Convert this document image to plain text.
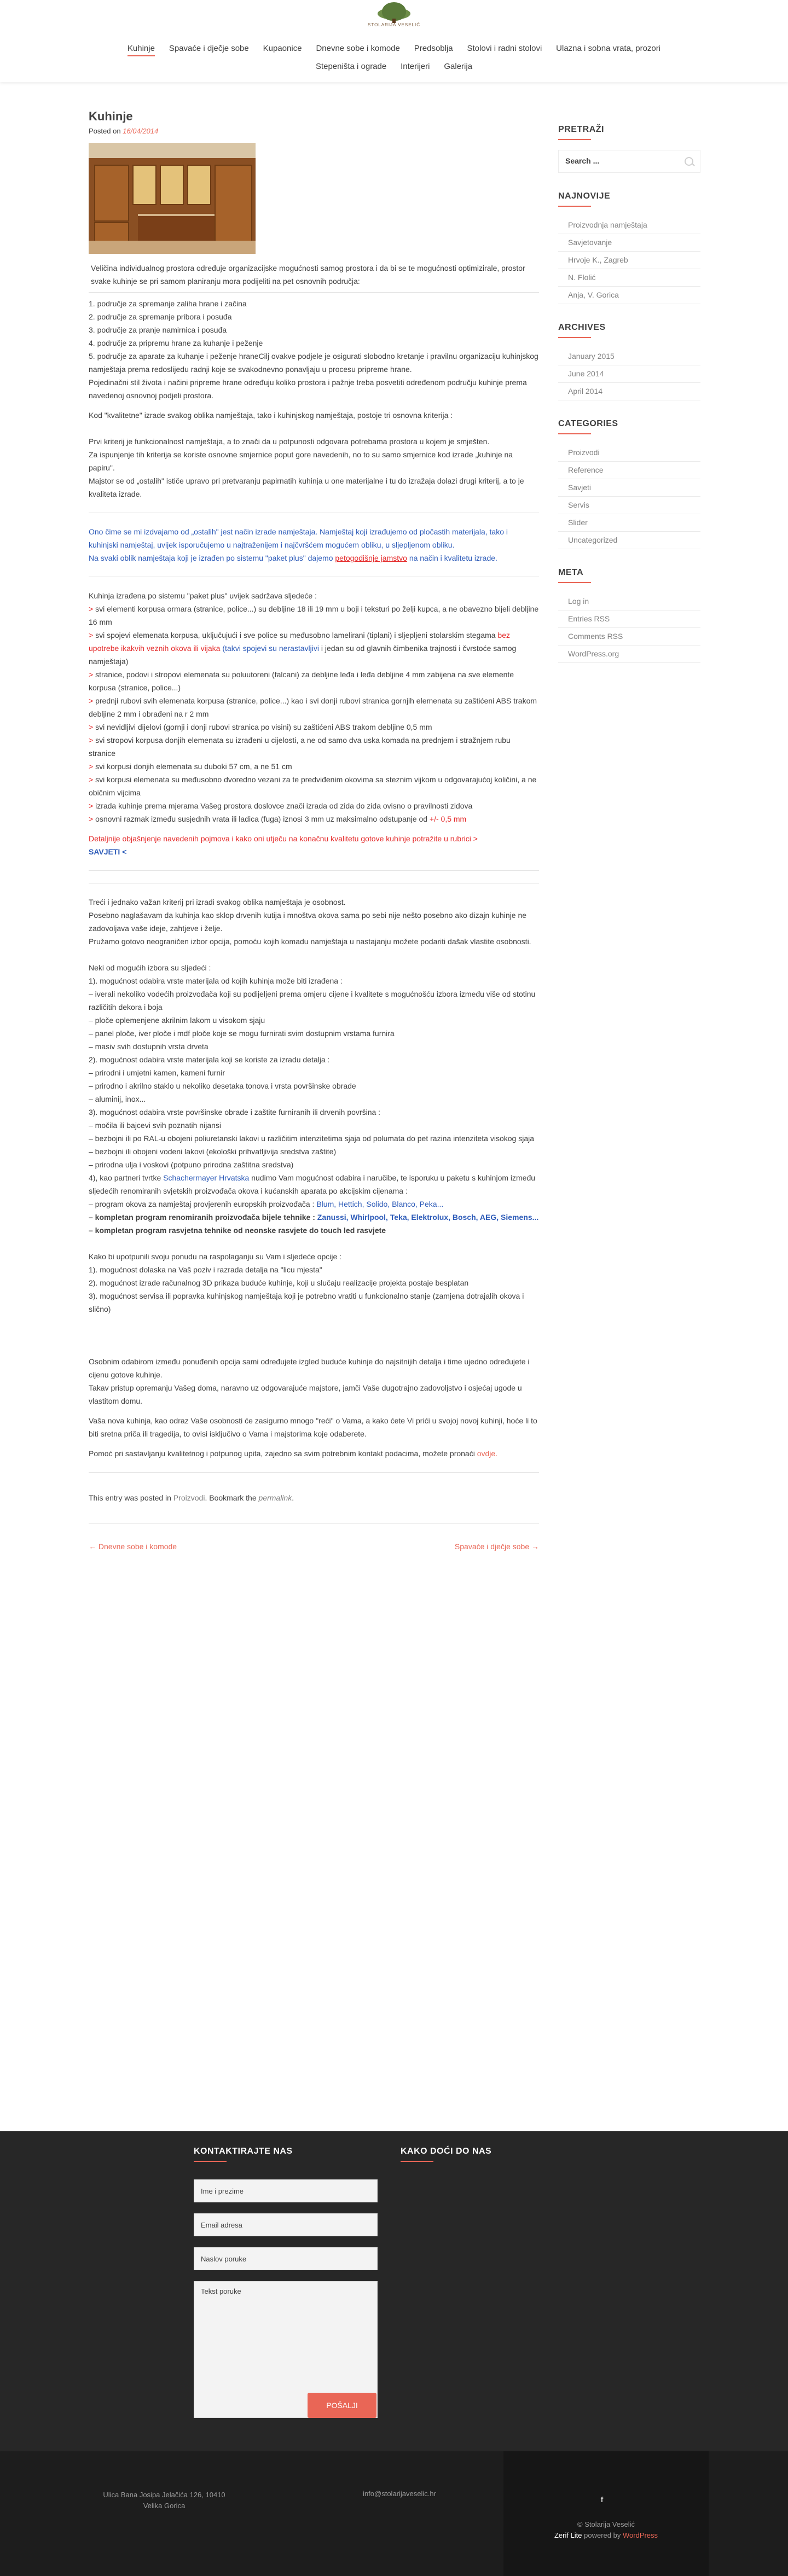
STOLARIJA VESELIĆ
Kuhinje Spavaće i dječje sobe Kupaonice Dnevne sobe i komode Predsoblja Stolovi i radni stolovi Ulazna i sobna vrata, prozori
Stepeništa i ograde Interijeri Galerija
Kuhinje
Posted on 16/04/2014

Veličina individualnog prostora određuje organizacijske mogućnosti samog prostora i da bi se te mogućnosti optimizirale, prostor svake kuhinje se pri samom planiranju mora podijeliti na pet osnovnih područja:

1. područje za spremanje zaliha hrane i začina

2. područje za spremanje pribora i posuđa

3. područje za pranje namirnica i posuđa

4. područje za pripremu hrane za kuhanje i peženje

5. područje za aparate za kuhanje i peženje hraneCilj ovakve podjele je osigurati slobodno kretanje i pravilnu organizaciju kuhinjskog namještaja prema redoslijedu radnji koje se svakodnevno ponavljaju u procesu pripreme hrane.

Pojedinačni stil života i načini pripreme hrane određuju koliko prostora i pažnje treba posvetiti određenom području kuhinje prema navedenoj osnovnoj podjeli prostora.

Kod "kvalitetne" izrade svakog oblika namještaja, tako i kuhinjskog namještaja, postoje tri osnovna kriterija :

Prvi kriterij je funkcionalnost namještaja, a to znači da u potpunosti odgovara potrebama prostora u kojem je smješten.

Za ispunjenje tih kriterija se koriste osnovne smjernice poput gore navedenih, no to su samo smjernice kod izrade „kuhinje na papiru".

Majstor se od „ostalih" ističe upravo pri pretvaranju papirnatih kuhinja u one materijalne i tu do izražaja dolazi drugi kriterij, a to je kvaliteta izrade.

Ono čime se mi izdvajamo od „ostalih" jest način izrade namještaja. Namještaj koji izrađujemo od pločastih materijala, tako i kuhinjski namještaj, uvijek isporučujemo u najtraženijem i najčvršćem mogućem obliku, u sljepljenom obliku.

Na svaki oblik namještaja koji je izrađen po sistemu "paket plus" dajemo petogodišnje jamstvo na način i kvalitetu izrade.

Kuhinja izrađena po sistemu "paket plus" uvijek sadržava sljedeće :

> svi elementi korpusa ormara (stranice, police...) su debljine 18 ili 19 mm u boji i teksturi po želji kupca, a ne obavezno bijeli debljine 16 mm

> svi spojevi elemenata korpusa, uključujući i sve police su međusobno lamelirani (tiplani) i sljepljeni stolarskim stegama bez upotrebe ikakvih veznih okova ili vijaka (takvi spojevi su nerastavljivi i jedan su od glavnih čimbenika trajnosti i čvrstoće samog namještaja)

> stranice, podovi i stropovi elemenata su poluutoreni (falcani) za debljine leđa i leđa debljine 4 mm zabijena na sve elemente korpusa (stranice, police...)

> prednji rubovi svih elemenata korpusa (stranice, police...) kao i svi donji rubovi stranica gornjih elemenata su zaštićeni ABS trakom debljine 2 mm i obrađeni na r 2 mm

> svi nevidljivi dijelovi (gornji i donji rubovi stranica po visini) su zaštićeni ABS trakom debljine 0,5 mm

> svi stropovi korpusa donjih elemenata su izrađeni u cijelosti, a ne od samo dva uska komada na prednjem i stražnjem rubu stranice

> svi korpusi donjih elemenata su duboki 57 cm, a ne 51 cm

> svi korpusi elemenata su međusobno dvoredno vezani za te predviđenim okovima sa steznim vijkom u odgovarajućoj količini, a ne običnim vijcima

> izrada kuhinje prema mjerama Vašeg prostora doslovce znači izrada od zida do zida ovisno o pravilnosti zidova

> osnovni razmak između susjednih vrata ili ladica (fuga) iznosi 3 mm uz maksimalno odstupanje od +/- 0,5 mm

Detaljnije objašnjenje navedenih pojmova i kako oni utječu na konačnu kvalitetu gotove kuhinje potražite u rubrici >

SAVJETI <

Treći i jednako važan kriterij pri izradi svakog oblika namještaja je osobnost.

Posebno naglašavam da kuhinja kao sklop drvenih kutija i mnoštva okova sama po sebi nije nešto posebno ako dizajn kuhinje ne zadovoljava vaše ideje, zahtjeve i želje.

Pružamo gotovo neograničen izbor opcija, pomoću kojih komadu namještaja u nastajanju možete podariti dašak vlastite osobnosti.

Neki od mogućih izbora su sljedeći :

1). mogućnost odabira vrste materijala od kojih kuhinja može biti izrađena :

– iverali nekoliko vodećih proizvođača koji su podijeljeni prema omjeru cijene i kvalitete s mogućnošću izbora između više od stotinu različitih dekora i boja

– ploče oplemenjene akrilnim lakom u visokom sjaju

– panel ploče, iver ploče i mdf ploče koje se mogu furnirati svim dostupnim vrstama furnira

– masiv svih dostupnih vrsta drveta

2). mogućnost odabira vrste materijala koji se koriste za izradu detalja :

– prirodni i umjetni kamen, kameni furnir

– prirodno i akrilno staklo u nekoliko desetaka tonova i vrsta površinske obrade

– aluminij, inox...

3). mogućnost odabira vrste površinske obrade i zaštite furniranih ili drvenih površina :

– močila ili bajcevi svih poznatih nijansi

– bezbojni ili po RAL-u obojeni poliuretanski lakovi u različitim intenzitetima sjaja od polumata do pet razina intenziteta visokog sjaja

– bezbojni ili obojeni vodeni lakovi (ekološki prihvatljivija sredstva zaštite)

– prirodna ulja i voskovi (potpuno prirodna zaštitna sredstva)

4), kao partneri tvrtke Schachermayer Hrvatska nudimo Vam mogućnost odabira i naručibe, te isporuku u paketu s kuhinjom između sljedećih renomiranih svjetskih proizvođača okova i kućanskih aparata po akcijskim cijenama :

– program okova za namještaj provjerenih europskih proizvođača : Blum, Hettich, Solido, Blanco, Peka...

– kompletan program renomiranih proizvođača bijele tehnike : Zanussi, Whirlpool, Teka, Elektrolux, Bosch, AEG, Siemens...

– kompletan program rasvjetna tehnike od neonske rasvjete do touch led rasvjete

Kako bi upotpunili svoju ponudu na raspolaganju su Vam i sljedeće opcije :

1). mogućnost dolaska na Vaš poziv i razrada detalja na "licu mjesta"

2). mogućnost izrade računalnog 3D prikaza buduće kuhinje, koji u slučaju realizacije projekta postaje besplatan

3). mogućnost servisa ili popravka kuhinjskog namještaja koji je potrebno vratiti u funkcionalno stanje (zamjena dotrajalih okova i slično)

Osobnim odabirom između ponuđenih opcija sami određujete izgled buduće kuhinje do najsitnijih detalja i time ujedno određujete i cijenu gotove kuhinje.

Takav pristup opremanju Vašeg doma, naravno uz odgovarajuće majstore, jamči Vaše dugotrajno zadovoljstvo i osjećaj ugode u vlastitom domu.

Vaša nova kuhinja, kao odraz Vaše osobnosti će zasigurno mnogo "reći" o Vama, a kako ćete Vi prići u svojoj novoj kuhinji, hoće li to biti sretna priča ili tragedija, to ovisi isključivo o Vama i majstorima koje odaberete.

Pomoć pri sastavljanju kvalitetnog i potpunog upita, zajedno sa svim potrebnim kontakt podacima, možete pronaći ovdje.

This entry was posted in Proizvodi. Bookmark the permalink.

← Dnevne sobe i komode	Spavaće i dječje sobe →
PRETRAŽI
Search ...
NAJNOVIJE
Proizvodnja namještaja
Savjetovanje
Hrvoje K., Zagreb
N. Flolić
Anja, V. Gorica
ARCHIVES
January 2015
June 2014
April 2014
CATEGORIES
Proizvodi
Reference
Savjeti
Servis
Slider
Uncategorized
META
Log in
Entries RSS
Comments RSS
WordPress.org
KONTAKTIRAJTE NAS
Ime i prezime
Email adresa
Naslov poruke
Tekst poruke
POŠALJI
KAKO DOĆI DO NAS
Ulica Bana Josipa Jelačića 126, 10410 Velika Gorica
info@stolarijaveselic.hr
f
© Stolarija Veselić
Zerif Lite powered by WordPress
